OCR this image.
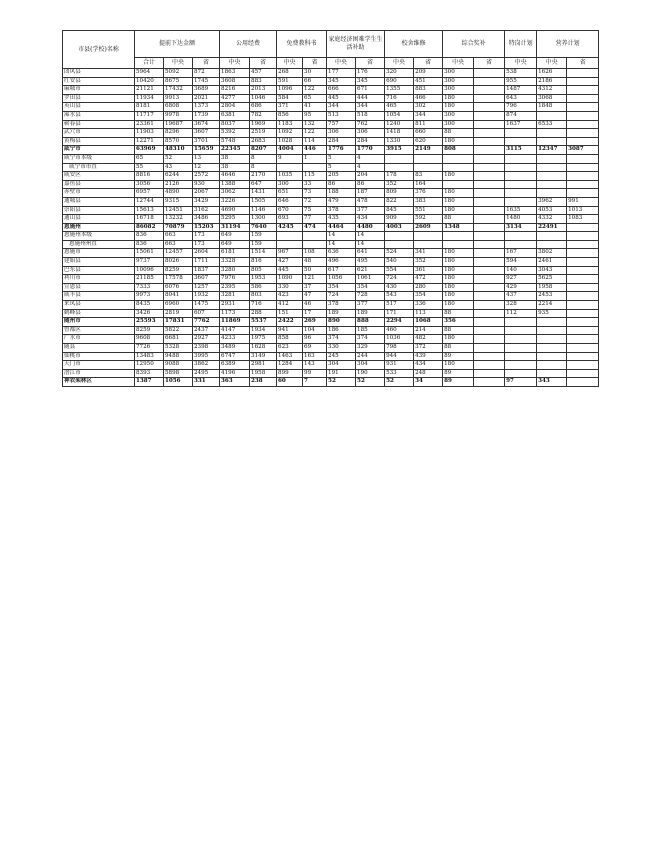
市县(学校)名称	提前下达金额			公用经费		免费教科书		家庭经济困难学生生活补助		校舍维修		综合奖补		特岗计划	营养计划	
	合计	中央	省	中央	省	中央	省	中央	省	中央	省	中央	省	中央	中央	省
团风县	5964	5092	872	1863	457	268	30	177	176	320	209	300		538	1626	
红安县	10420	8675	1745	3608	883	591	66	345	345	690	451	300		955	2186	
麻城市	21121	17432	3689	8216	2013	1096	122	666	671	1355	883	300		1487	4312	
罗田县	11934	9913	2021	4277	1046	584	65	445	444	716	466	180		643	3068	
英山县	8181	6808	1373	2804	686	371	41	344	344	465	302	180		796	1848	
浠水县	11717	9978	1739	6381	782	856	95	513	518	1054	344	300		874		
蕲春县	23361	19687	3674	8037	1969	1183	132	757	762	1240	811	300		1637	6533	
武穴市	11903	8296	3607	5392	2519	1092	122	306	306	1418	660	88				
黄梅县	12271	8570	3701	5748	2683	1028	114	284	284	1330	620	180				
咸宁市	63969	48310	15659	22345	8207	4004	446	1776	1770	3915	2149	808		3115	12347	3087
咸宁市本级	65	52	13	38	8	9	1	5	4							
咸宁市市直	55	43	12	38	8			5	4							
咸安区	8816	6244	2572	4646	2170	1035	115	205	204	178	83	180				
嘉鱼县	3056	2126	930	1388	647	300	33	86	86	352	164					
赤壁市	6957	4890	2067	3062	1431	651	73	188	187	809	376	180				
通城县	12744	9315	3429	3226	1505	646	72	479	478	822	383	180			3962	991
崇阳县	15613	12451	3162	4690	1146	670	75	378	377	845	551	180		1635	4053	1013
通山县	16718	13232	3486	5295	1300	693	77	435	434	909	592	88		1480	4332	1083
恩施州	86082	70879	15203	31194	7640	4245	474	4464	4480	4003	2609	1348		3134	22491	
恩施州本级	836	663	173	649	159			14	14							
恩施州州直	836	663	173	649	159			14	14							
恩施市	15061	12457	2604	6181	1514	967	108	636	641	524	341	180		167	3802	
建始县	9737	8026	1711	3328	816	427	48	496	495	540	352	180		594	2461	
巴东县	10096	8259	1837	3280	805	445	50	617	621	554	361	180		140	3043	
利川市	21185	17578	3607	7976	1953	1090	121	1056	1061	724	472	180		927	5625	
宣恩县	7333	6076	1257	2395	586	330	37	354	354	430	280	180		429	1958	
咸丰县	9973	8041	1932	3281	803	423	47	724	728	543	354	180		437	2453	
来凤县	8435	6960	1475	2931	716	412	46	378	377	517	336	180		328	2214	
鹤峰县	3426	2819	607	1173	288	151	17	189	189	171	113	88		112	935	
随州市	25593	17831	7762	11869	5537	2422	269	890	888	2294	1068	356				
曾都区	8259	5822	2437	4147	1934	941	104	186	185	460	214	88				
广水市	9608	6681	2927	4233	1975	858	96	374	374	1036	482	180				
随县	7726	5328	2398	3489	1628	623	69	330	329	798	372	88				
仙桃市	13483	9488	3995	6747	3149	1463	163	245	244	944	439	89				
天门市	12950	9088	3862	6389	2981	1284	143	304	304	931	434	180				
潜江市	8393	5898	2495	4196	1958	899	99	191	190	533	248	89				
神农架林区	1387	1056	331	363	238	60	7	52	52	52	34	89		97	343	
